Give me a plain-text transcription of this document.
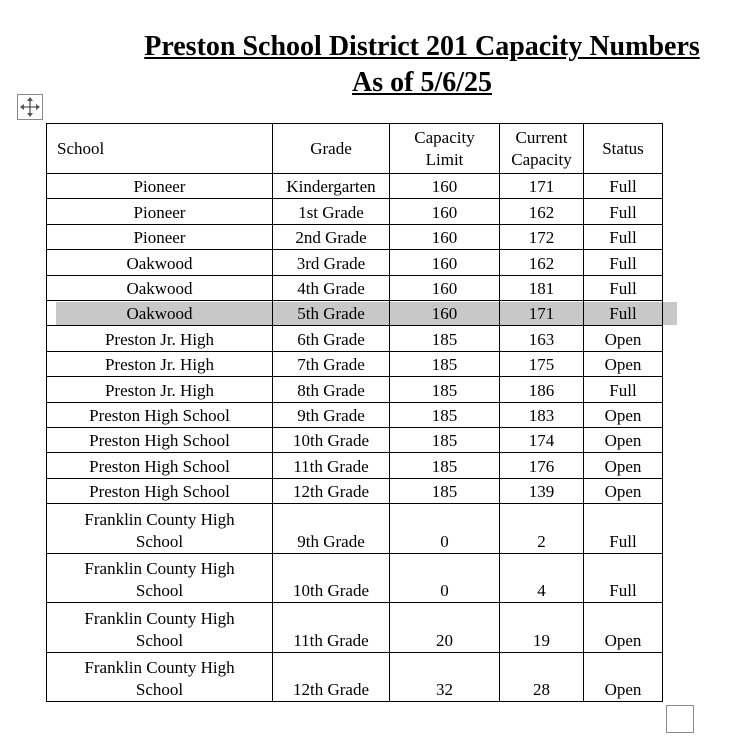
Preston School District 201 Capacity Numbers
As of 5/6/25
School	Grade	Capacity Limit	Current Capacity	Status
Pioneer	Kindergarten	160	171	Full
Pioneer	1st Grade	160	162	Full
Pioneer	2nd Grade	160	172	Full
Oakwood	3rd Grade	160	162	Full
Oakwood	4th Grade	160	181	Full
Oakwood	5th Grade	160	171	Full
Preston Jr. High	6th Grade	185	163	Open
Preston Jr. High	7th Grade	185	175	Open
Preston Jr. High	8th Grade	185	186	Full
Preston High School	9th Grade	185	183	Open
Preston High School	10th Grade	185	174	Open
Preston High School	11th Grade	185	176	Open
Preston High School	12th Grade	185	139	Open
Franklin County High School	9th Grade	0	2	Full
Franklin County High School	10th Grade	0	4	Full
Franklin County High School	11th Grade	20	19	Open
Franklin County High School	12th Grade	32	28	Open
